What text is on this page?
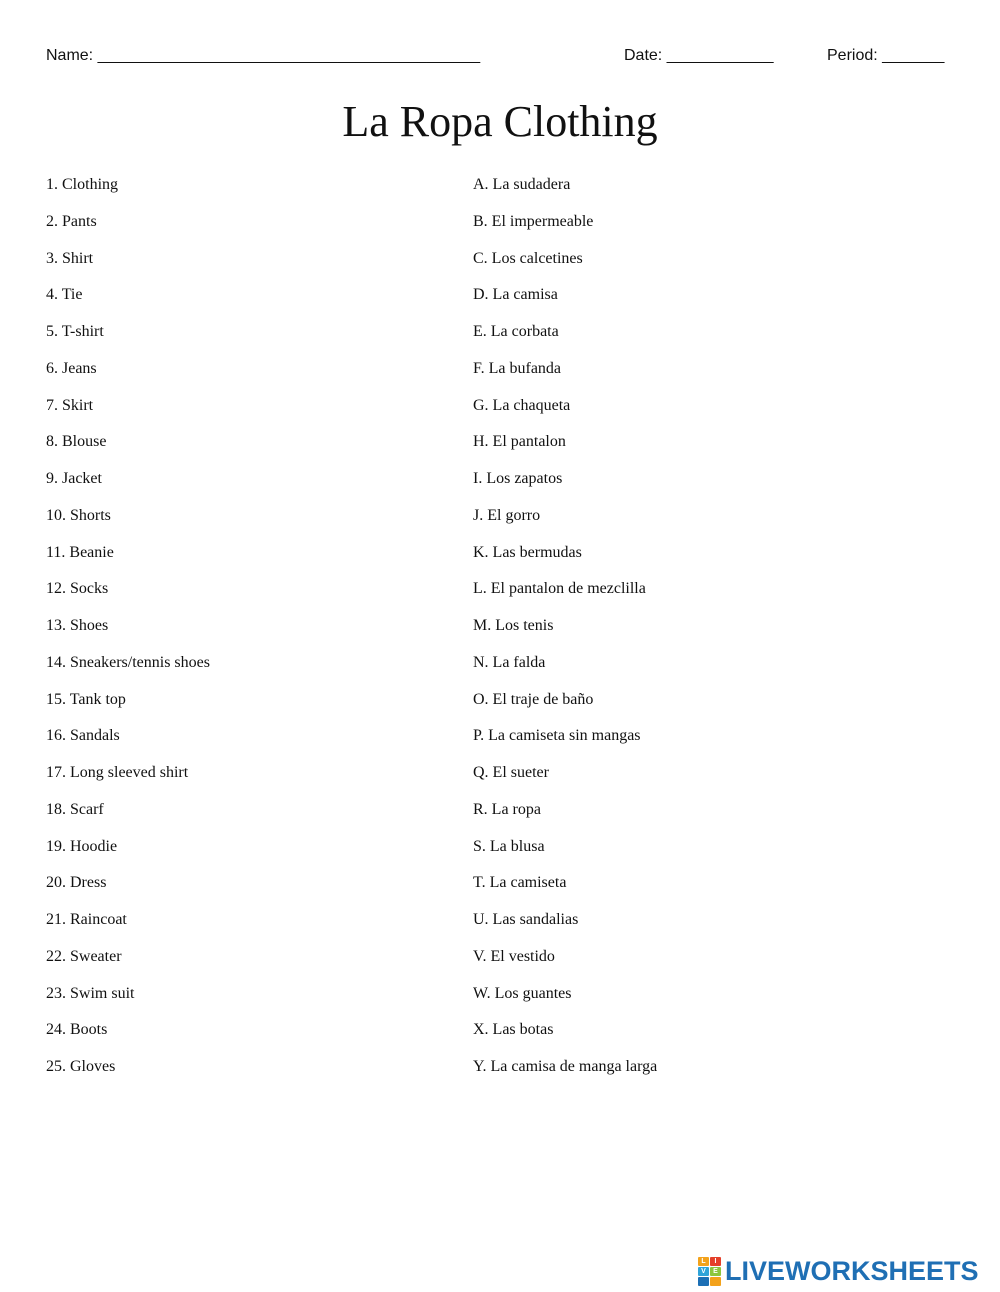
Name: ___________________________________________	Date: ____________	Period: _______
La Ropa Clothing
1. Clothing
2. Pants
3. Shirt
4. Tie
5. T-shirt
6. Jeans
7. Skirt
8. Blouse
9. Jacket
10. Shorts
11. Beanie
12. Socks
13. Shoes
14. Sneakers/tennis shoes
15. Tank top
16. Sandals
17. Long sleeved shirt
18. Scarf
19. Hoodie
20. Dress
21. Raincoat
22. Sweater
23. Swim suit
24. Boots
25. Gloves
A. La sudadera
B. El impermeable
C. Los calcetines
D. La camisa
E. La corbata
F. La bufanda
G. La chaqueta
H. El pantalon
I. Los zapatos
J. El gorro
K. Las bermudas
L. El pantalon de mezclilla
M. Los tenis
N. La falda
O. El traje de baño
P. La camiseta sin mangas
Q. El sueter
R. La ropa
S. La blusa
T. La camiseta
U. Las sandalias
V. El vestido
W. Los guantes
X. Las botas
Y. La camisa de manga larga
L	I
V	E LIVEWORKSHEETS
